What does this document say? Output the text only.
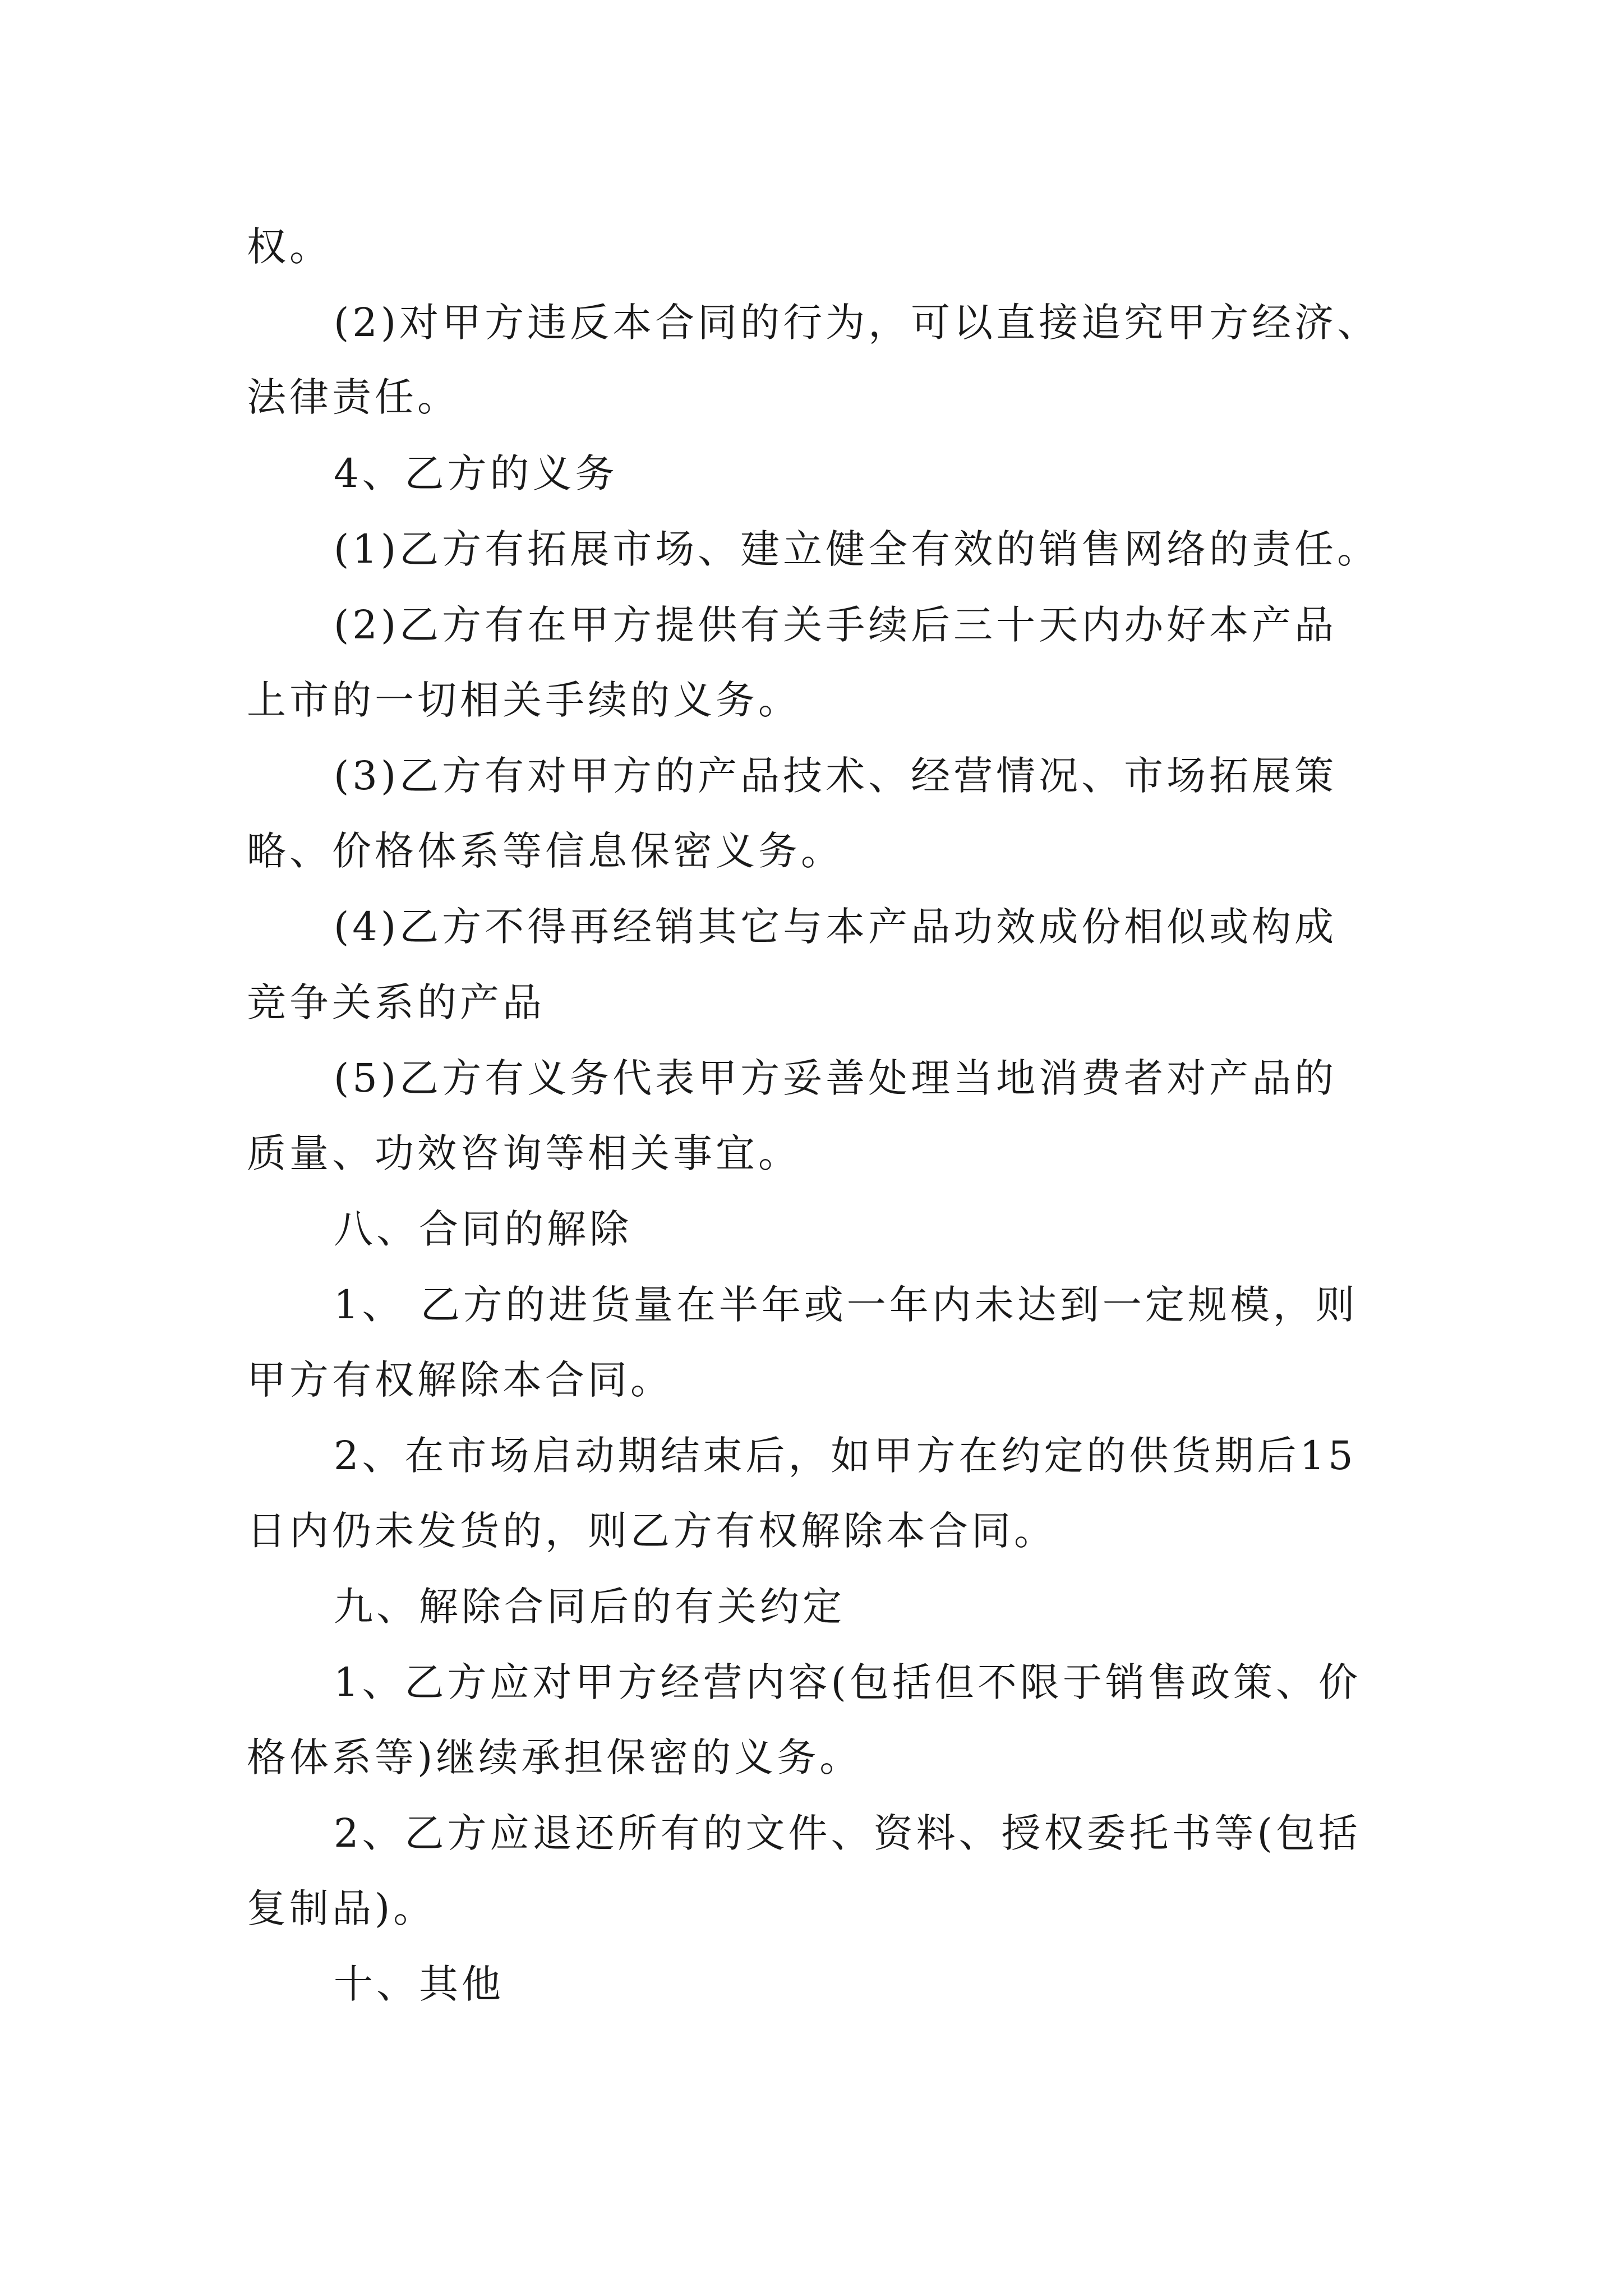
权。

(2)对甲方违反本合同的行为，可以直接追究甲方经济、

法律责任。

4、乙方的义务

(1)乙方有拓展市场、建立健全有效的销售网络的责任。

(2)乙方有在甲方提供有关手续后三十天内办好本产品

上市的一切相关手续的义务。

(3)乙方有对甲方的产品技术、经营情况、市场拓展策

略、价格体系等信息保密义务。

(4)乙方不得再经销其它与本产品功效成份相似或构成

竞争关系的产品

(5)乙方有义务代表甲方妥善处理当地消费者对产品的

质量、功效咨询等相关事宜。

八、合同的解除

1、 乙方的进货量在半年或一年内未达到一定规模，则

甲方有权解除本合同。

2、在市场启动期结束后，如甲方在约定的供货期后15

日内仍未发货的，则乙方有权解除本合同。

九、解除合同后的有关约定

1、乙方应对甲方经营内容(包括但不限于销售政策、价

格体系等)继续承担保密的义务。

2、乙方应退还所有的文件、资料、授权委托书等(包括

复制品)。

十、其他
